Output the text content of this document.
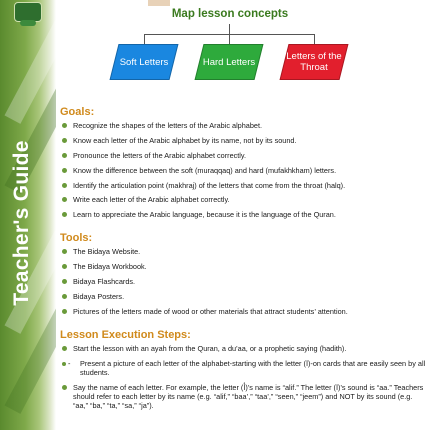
Teacher's Guide
Map lesson concepts
Soft Letters	Hard Letters	Letters of the Throat
Goals:
Recognize the shapes of the letters of the Arabic alphabet.
Know each letter of the Arabic alphabet by its name, not by its sound.
Pronounce the letters of the Arabic alphabet correctly.
Know the difference between the soft (muraqqaq) and hard (mufakhkham) letters.
Identify the articulation point (makhraj) of the letters that come from the throat (halq).
Write each letter of the Arabic alphabet correctly.
Learn to appreciate the Arabic language, because it is the language of the Quran.
Tools:
The Bidaya Website.
The Bidaya Workbook.
Bidaya Flashcards.
Bidaya Posters.
Pictures of the letters made of wood or other materials that attract students’ attention.
Lesson Execution Steps:
Start the lesson with an ayah from the Quran, a du’aa, or a prophetic saying (hadith).
- Present a picture of each letter of the alphabet-starting with the letter (ا)-on cards that are easily seen by all students.
Say the name of each letter. For example, the letter (أ)’s name is “alif.” The letter (ا)’s sound is “aa.” Teachers should refer to each letter by its name (e.g. “alif,” “baa’,” “taa’,” “seen,” “jeem”) and NOT by its sound (e.g. “aa,” “ba,” “ta,” “sa,” “ja”).
